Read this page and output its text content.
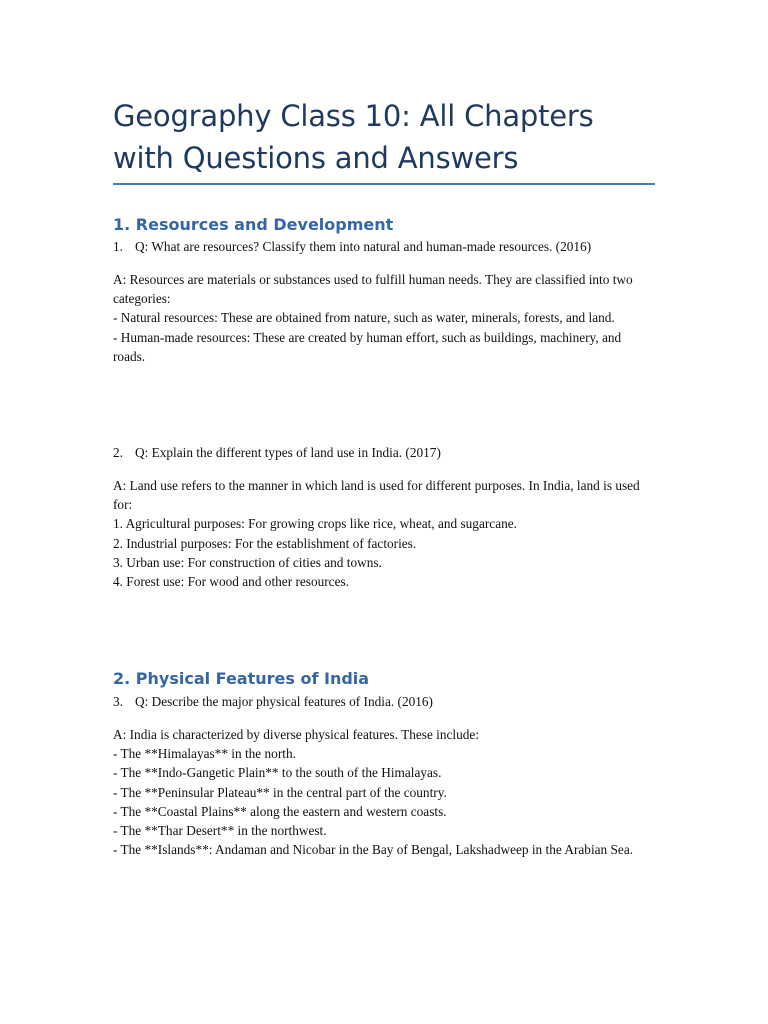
Geography Class 10: All Chapters with Questions and Answers
1. Resources and Development

1. Q: What are resources? Classify them into natural and human-made resources. (2016)

A: Resources are materials or substances used to fulfill human needs. They are classified into two categories:
- Natural resources: These are obtained from nature, such as water, minerals, forests, and land.
- Human-made resources: These are created by human effort, such as buildings, machinery, and roads.

2. Q: Explain the different types of land use in India. (2017)

A: Land use refers to the manner in which land is used for different purposes. In India, land is used for:
1. Agricultural purposes: For growing crops like rice, wheat, and sugarcane.
2. Industrial purposes: For the establishment of factories.
3. Urban use: For construction of cities and towns.
4. Forest use: For wood and other resources.

2. Physical Features of India

3. Q: Describe the major physical features of India. (2016)

A: India is characterized by diverse physical features. These include:
- The **Himalayas** in the north.
- The **Indo-Gangetic Plain** to the south of the Himalayas.
- The **Peninsular Plateau** in the central part of the country.
- The **Coastal Plains** along the eastern and western coasts.
- The **Thar Desert** in the northwest.
- The **Islands**: Andaman and Nicobar in the Bay of Bengal, Lakshadweep in the Arabian Sea.
